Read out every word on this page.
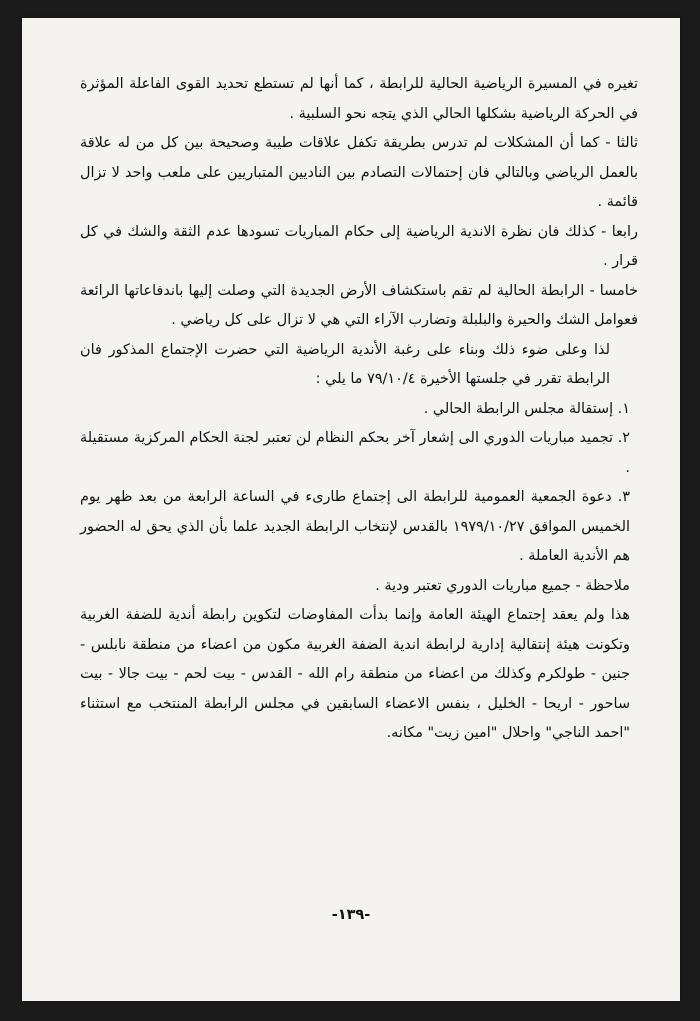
تغيره في المسيرة الرياضية الحالية للرابطة ، كما أنها لم تستطع تحديد القوى الفاعلة المؤثرة في الحركة الرياضية بشكلها الحالي الذي يتجه نحو السلبية .

ثالثا - كما أن المشكلات لم تدرس بطريقة تكفل علاقات طيبة وصحيحة بين كل من له علاقة بالعمل الرياضي وبالتالي فان إحتمالات التصادم بين الناديين المتباريين على ملعب واحد لا تزال قائمة .

رابعا - كذلك فان نظرة الاندية الرياضية إلى حكام المباريات تسودها عدم الثقة والشك في كل قرار .

خامسا - الرابطة الحالية لم تقم باستكشاف الأرض الجديدة التي وصلت إليها باندفاعاتها الرائعة فعوامل الشك والحيرة والبلبلة وتضارب الآراء التي هي لا تزال على كل رياضي .

لذا وعلى ضوء ذلك وبناء على رغبة الأندية الرياضية التي حضرت الإجتماع المذكور فان الرابطة تقرر في جلستها الأخيرة ٧٩/١٠/٤ ما يلي :

١. إستقالة مجلس الرابطة الحالي .

٢. تجميد مباريات الدوري الى إشعار آخر بحكم النظام لن تعتبر لجنة الحكام المركزية مستقيلة .

٣. دعوة الجمعية العمومية للرابطة الى إجتماع طارىء في الساعة الرابعة من بعد ظهر يوم الخميس الموافق ١٩٧٩/١٠/٢٧ بالقدس لإنتخاب الرابطة الجديد علما بأن الذي يحق له الحضور هم الأندية العاملة .

ملاحظة - جميع مباريات الدوري تعتبر ودية .

هذا ولم يعقد إجتماع الهيئة العامة وإنما بدأت المفاوضات لتكوين رابطة أندية للضفة الغربية وتكونت هيئة إنتقالية إدارية لرابطة اندية الضفة الغربية مكون من اعضاء من منطقة نابلس - جنين - طولكرم وكذلك من اعضاء من منطقة رام الله - القدس - بيت لحم - بيت جالا - بيت ساحور - اريحا - الخليل ، بنفس الاعضاء السابقين في مجلس الرابطة المنتخب مع استثناء "احمد الناجي" واحلال "امين زيت" مكانه.

-١٣٩-
